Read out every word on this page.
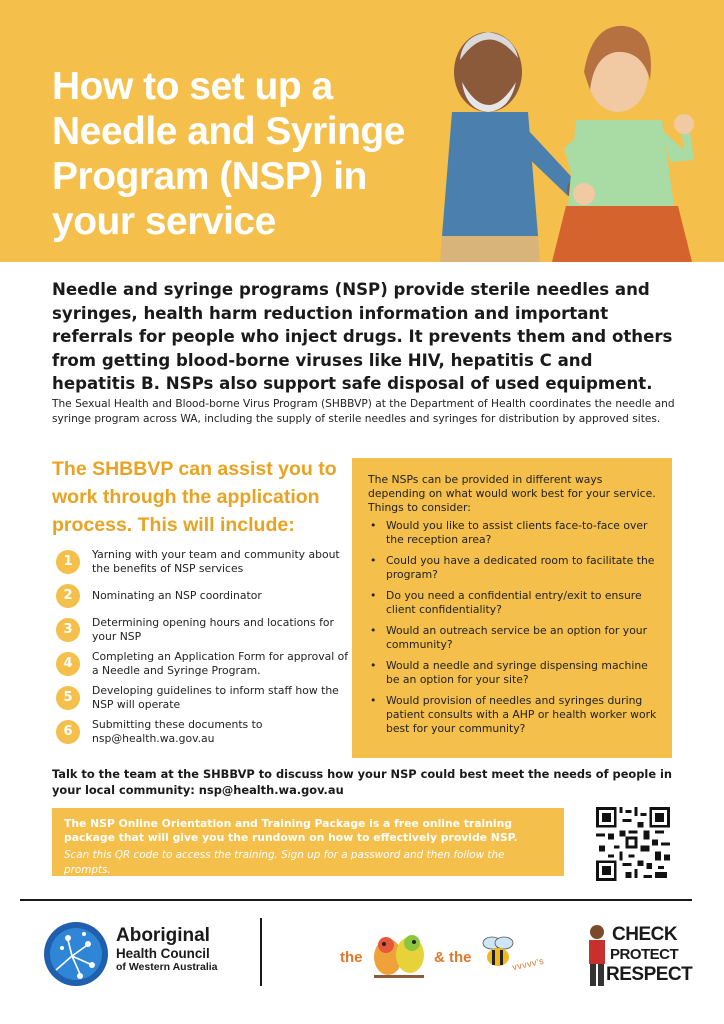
How to set up a Needle and Syringe Program (NSP) in your service

Needle and syringe programs (NSP) provide sterile needles and syringes, health harm reduction information and important referrals for people who inject drugs. It prevents them and others from getting blood-borne viruses like HIV, hepatitis C and hepatitis B. NSPs also support safe disposal of used equipment.

The Sexual Health and Blood-borne Virus Program (SHBBVP) at the Department of Health coordinates the needle and syringe program across WA, including the supply of sterile needles and syringes for distribution by approved sites.

The SHBBVP can assist you to work through the application process. This will include:
1	Yarning with your team and community about the benefits of NSP services
2	Nominating an NSP coordinator
3	Determining opening hours and locations for your NSP
4	Completing an Application Form for approval of a Needle and Syringe Program.
5	Developing guidelines to inform staff how the NSP will operate
6	Submitting these documents to nsp@health.wa.gov.au

The NSPs can be provided in different ways depending on what would work best for your service. Things to consider:

• Would you like to assist clients face-to-face over the reception area?
• Could you have a dedicated room to facilitate the program?
• Do you need a confidential entry/exit to ensure client confidentiality?
• Would an outreach service be an option for your community?
• Would a needle and syringe dispensing machine be an option for your site?
• Would provision of needles and syringes during patient consults with a AHP or health worker work best for your community?

Talk to the team at the SHBBVP to discuss how your NSP could best meet the needs of people in your local community: nsp@health.wa.gov.au

The NSP Online Orientation and Training Package is a free online training package that will give you the rundown on how to effectively provide NSP.

Scan this QR code to access the training. Sign up for a password and then follow the prompts.

Aboriginal
Health Council
of Western Australia
the	& the	vvvvv's
CHECK
PROTECT
RESPECT
